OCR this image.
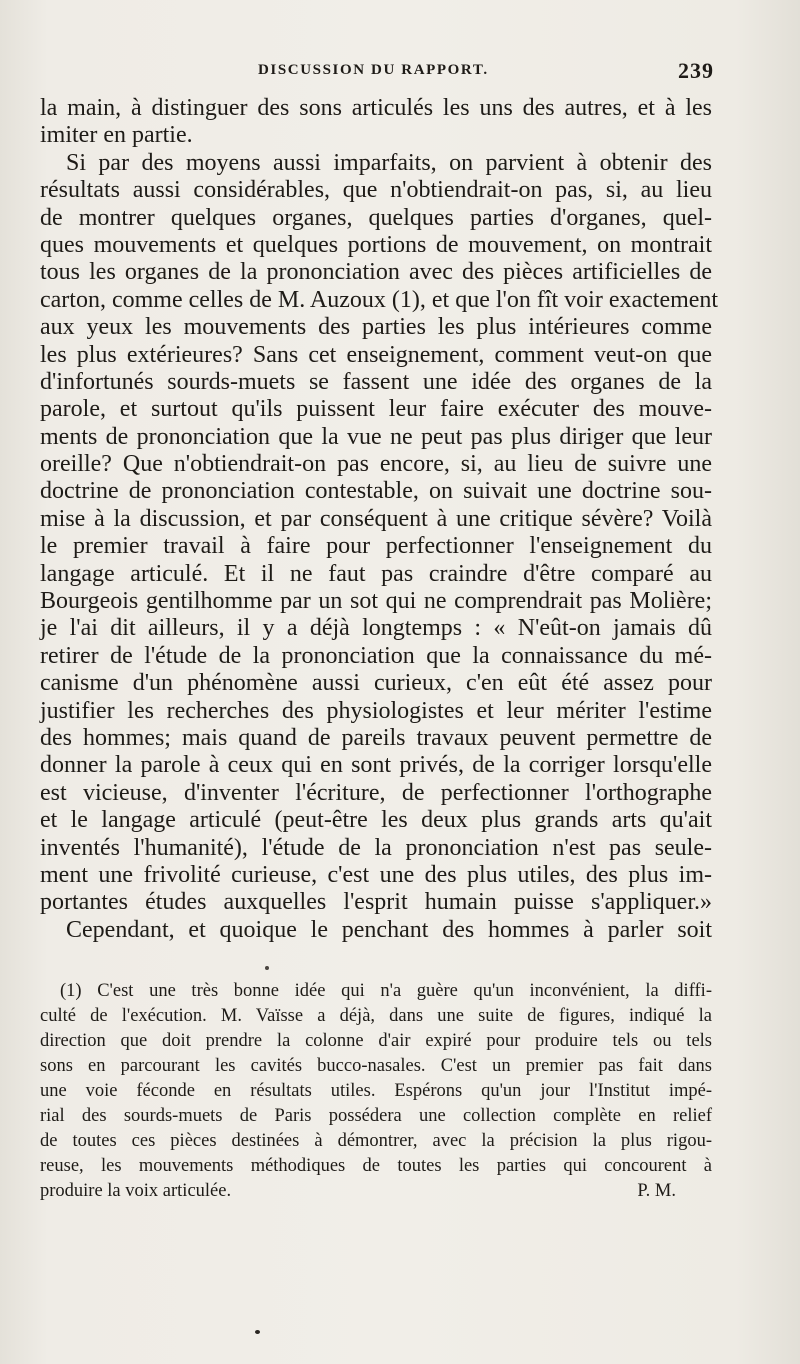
DISCUSSION DU RAPPORT.	239
la main, à distinguer des sons articulés les uns des autres, et à les
imiter en partie.
Si par des moyens aussi imparfaits, on parvient à obtenir des
résultats aussi considérables, que n'obtiendrait-on pas, si, au lieu
de montrer quelques organes, quelques parties d'organes, quel-
ques mouvements et quelques portions de mouvement, on montrait
tous les organes de la prononciation avec des pièces artificielles de
carton, comme celles de M. Auzoux (1), et que l'on fît voir exactement
aux yeux les mouvements des parties les plus intérieures comme
les plus extérieures? Sans cet enseignement, comment veut-on que
d'infortunés sourds-muets se fassent une idée des organes de la
parole, et surtout qu'ils puissent leur faire exécuter des mouve-
ments de prononciation que la vue ne peut pas plus diriger que leur
oreille? Que n'obtiendrait-on pas encore, si, au lieu de suivre une
doctrine de prononciation contestable, on suivait une doctrine sou-
mise à la discussion, et par conséquent à une critique sévère? Voilà
le premier travail à faire pour perfectionner l'enseignement du
langage articulé. Et il ne faut pas craindre d'être comparé au
Bourgeois gentilhomme par un sot qui ne comprendrait pas Molière;
je l'ai dit ailleurs, il y a déjà longtemps : « N'eût-on jamais dû
retirer de l'étude de la prononciation que la connaissance du mé-
canisme d'un phénomène aussi curieux, c'en eût été assez pour
justifier les recherches des physiologistes et leur mériter l'estime
des hommes; mais quand de pareils travaux peuvent permettre de
donner la parole à ceux qui en sont privés, de la corriger lorsqu'elle
est vicieuse, d'inventer l'écriture, de perfectionner l'orthographe
et le langage articulé (peut-être les deux plus grands arts qu'ait
inventés l'humanité), l'étude de la prononciation n'est pas seule-
ment une frivolité curieuse, c'est une des plus utiles, des plus im-
portantes études auxquelles l'esprit humain puisse s'appliquer.»
Cependant, et quoique le penchant des hommes à parler soit
(1) C'est une très bonne idée qui n'a guère qu'un inconvénient, la diffi-
culté de l'exécution. M. Vaïsse a déjà, dans une suite de figures, indiqué la
direction que doit prendre la colonne d'air expiré pour produire tels ou tels
sons en parcourant les cavités bucco-nasales. C'est un premier pas fait dans
une voie féconde en résultats utiles. Espérons qu'un jour l'Institut impé-
rial des sourds-muets de Paris possédera une collection complète en relief
de toutes ces pièces destinées à démontrer, avec la précision la plus rigou-
reuse, les mouvements méthodiques de toutes les parties qui concourent à
produire la voix articulée.	P. M.
